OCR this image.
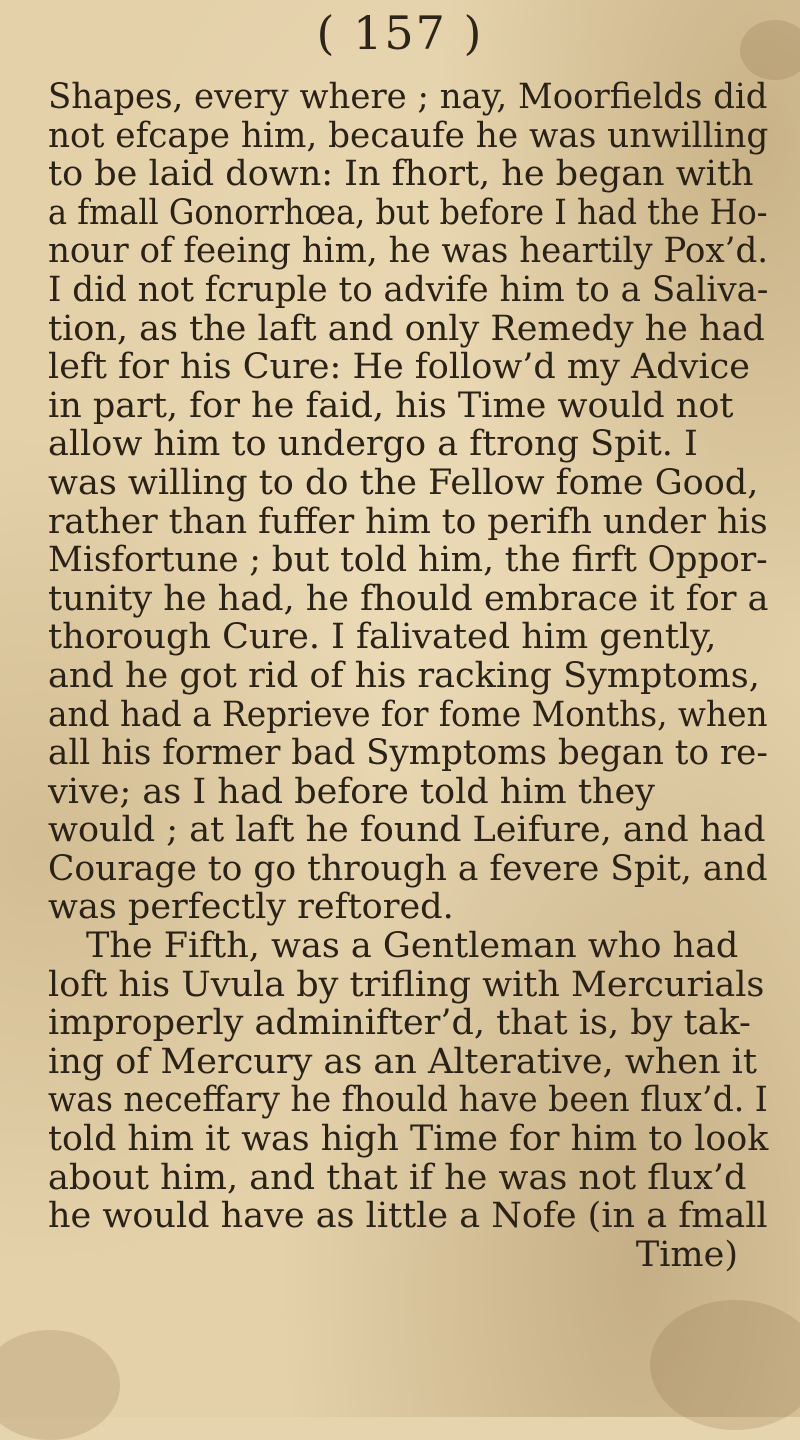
( 157 )
Shapes, every where ; nay, Moorfields did
not efcape him, becaufe he was unwilling
to be laid down: In fhort, he began with
a fmall Gonorrhœa, but before I had the Ho-
nour of feeing him, he was heartily Pox’d.
I did not fcruple to advife him to a Saliva-
tion, as the laft and only Remedy he had
left for his Cure: He follow’d my Advice
in part, for he faid, his Time would not
allow him to undergo a ftrong Spit. I
was willing to do the Fellow fome Good,
rather than fuffer him to perifh under his
Misfortune ; but told him, the firft Oppor-
tunity he had, he fhould embrace it for a
thorough Cure. I falivated him gently,
and he got rid of his racking Symptoms,
and had a Reprieve for fome Months, when
all his former bad Symptoms began to re-
vive; as I had before told him they
would ; at laft he found Leifure, and had
Courage to go through a fevere Spit, and
was perfectly reftored.
The Fifth, was a Gentleman who had
loft his Uvula by trifling with Mercurials
improperly adminifter’d, that is, by tak-
ing of Mercury as an Alterative, when it
was neceffary he fhould have been flux’d. I
told him it was high Time for him to look
about him, and that if he was not flux’d
he would have as little a Nofe (in a fmall
Time)
